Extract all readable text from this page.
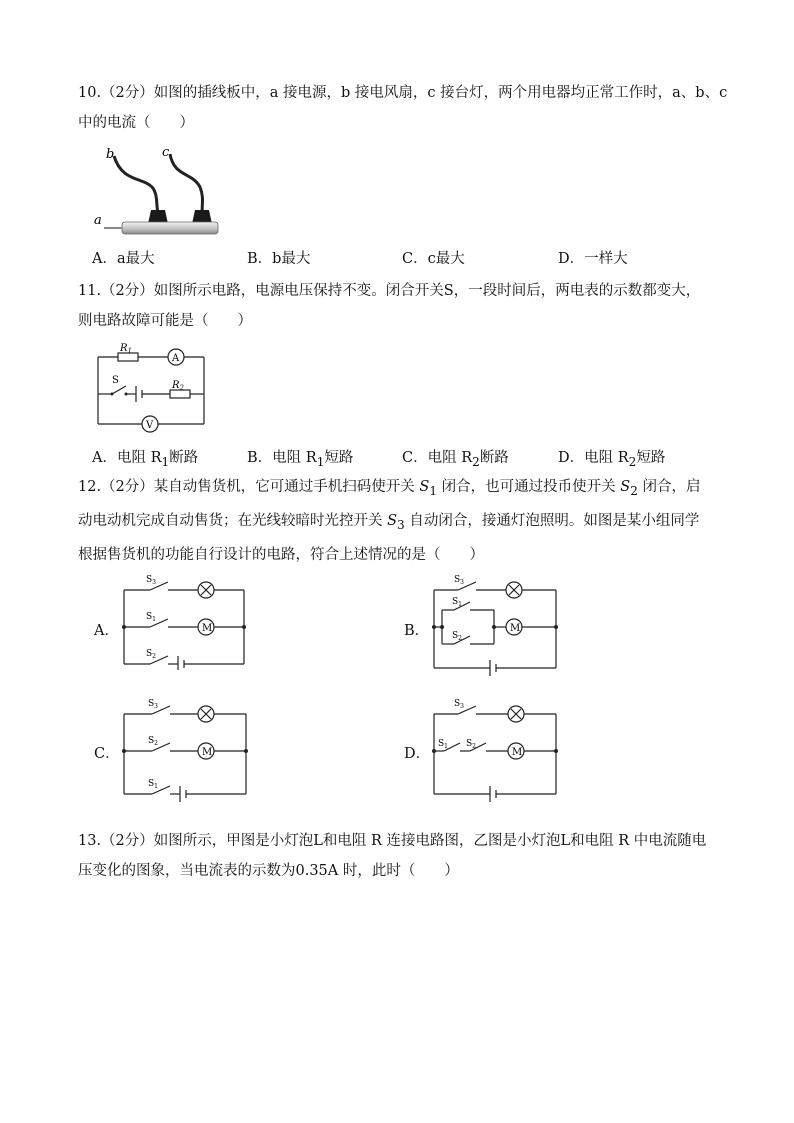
10.（2分）如图的插线板中，a 接电源，b 接电风扇，c 接台灯，两个用电器均正常工作时，a、b、c
中的电流（　　）
b	c
a
A．a最大	B．b最大	C．c最大	D．一样大
11.（2分）如图所示电路，电源电压保持不变。闭合开关S，一段时间后，两电表的示数都变大，
则电路故障可能是（　　）
$R_1$
$R_2$
S
A
V
A．电阻 $R_1$断路	B．电阻 $R_1$短路	C．电阻 $R_2$断路	D．电阻 $R_2$短路
12.（2分）某自动售货机，它可通过手机扫码使开关 $S_1$ 闭合，也可通过投币使开关 $S_2$ 闭合，启
动电动机完成自动售货；在光线较暗时光控开关 $S_3$ 自动闭合，接通灯泡照明。如图是某小组同学
根据售货机的功能自行设计的电路，符合上述情况的是（　　）
A．	M
$S_3$
$S_1$
$S_2$
B．	M
$S_3$
$S_1$
$S_2$
C．	M
$S_3$
$S_2$
$S_1$
D．	M
$S_3$
$S_1$ $S_2$
13.（2分）如图所示，甲图是小灯泡L和电阻 R 连接电路图，乙图是小灯泡L和电阻 R 中电流随电
压变化的图象，当电流表的示数为0.35A 时，此时（　　）
